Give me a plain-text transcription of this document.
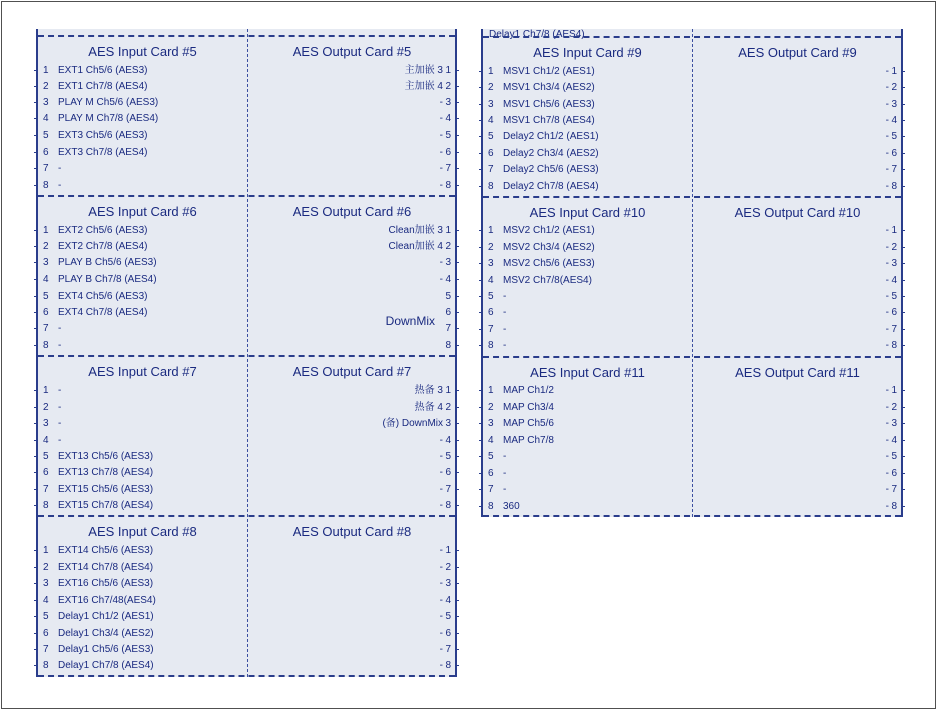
AES Input Card #5	AES Output Card #5
1 EXT1 Ch5/6 (AES3)	主加嵌 3 1
2 EXT1 Ch7/8 (AES4)	主加嵌 4 2
3 PLAY M Ch5/6 (AES3)	- 3
4 PLAY M Ch7/8 (AES4)	- 4
5 EXT3 Ch5/6 (AES3)	- 5
6 EXT3 Ch7/8 (AES4)	- 6
7 -	- 7
8 -	- 8
AES Input Card #6	AES Output Card #6
DownMix
1 EXT2 Ch5/6 (AES3)	Clean加嵌 3 1
2 EXT2 Ch7/8 (AES4)	Clean加嵌 4 2
3 PLAY B Ch5/6 (AES3)	- 3
4 PLAY B Ch7/8 (AES4)	- 4
5 EXT4 Ch5/6 (AES3)	5
6 EXT4 Ch7/8 (AES4)	6
7 -	7
8 -	8
AES Input Card #7	AES Output Card #7
1 -	热备 3 1
2 -	热备 4 2
3 -	(备) DownMix 3
4 -	- 4
5 EXT13 Ch5/6 (AES3)	- 5
6 EXT13 Ch7/8 (AES4)	- 6
7 EXT15 Ch5/6 (AES3)	- 7
8 EXT15 Ch7/8 (AES4)	- 8
AES Input Card #8	AES Output Card #8
1 EXT14 Ch5/6 (AES3)	- 1
2 EXT14 Ch7/8 (AES4)	- 2
3 EXT16 Ch5/6 (AES3)	- 3
4 EXT16 Ch7/48(AES4)	- 4
5 Delay1 Ch1/2 (AES1)	- 5
6 Delay1 Ch3/4 (AES2)	- 6
7 Delay1 Ch5/6 (AES3)	- 7
8 Delay1 Ch7/8 (AES4)	- 8
Delay1 Ch7/8 (AES4)
AES Input Card #9	AES Output Card #9
1 MSV1 Ch1/2 (AES1)	- 1
2 MSV1 Ch3/4 (AES2)	- 2
3 MSV1 Ch5/6 (AES3)	- 3
4 MSV1 Ch7/8 (AES4)	- 4
5 Delay2 Ch1/2 (AES1)	- 5
6 Delay2 Ch3/4 (AES2)	- 6
7 Delay2 Ch5/6 (AES3)	- 7
8 Delay2 Ch7/8 (AES4)	- 8
AES Input Card #10	AES Output Card #10
1 MSV2 Ch1/2 (AES1)	- 1
2 MSV2 Ch3/4 (AES2)	- 2
3 MSV2 Ch5/6 (AES3)	- 3
4 MSV2 Ch7/8(AES4)	- 4
5 -	- 5
6 -	- 6
7 -	- 7
8 -	- 8
AES Input Card #11	AES Output Card #11
1 MAP Ch1/2	- 1
2 MAP Ch3/4	- 2
3 MAP Ch5/6	- 3
4 MAP Ch7/8	- 4
5 -	- 5
6 -	- 6
7 -	- 7
8 360	- 8
